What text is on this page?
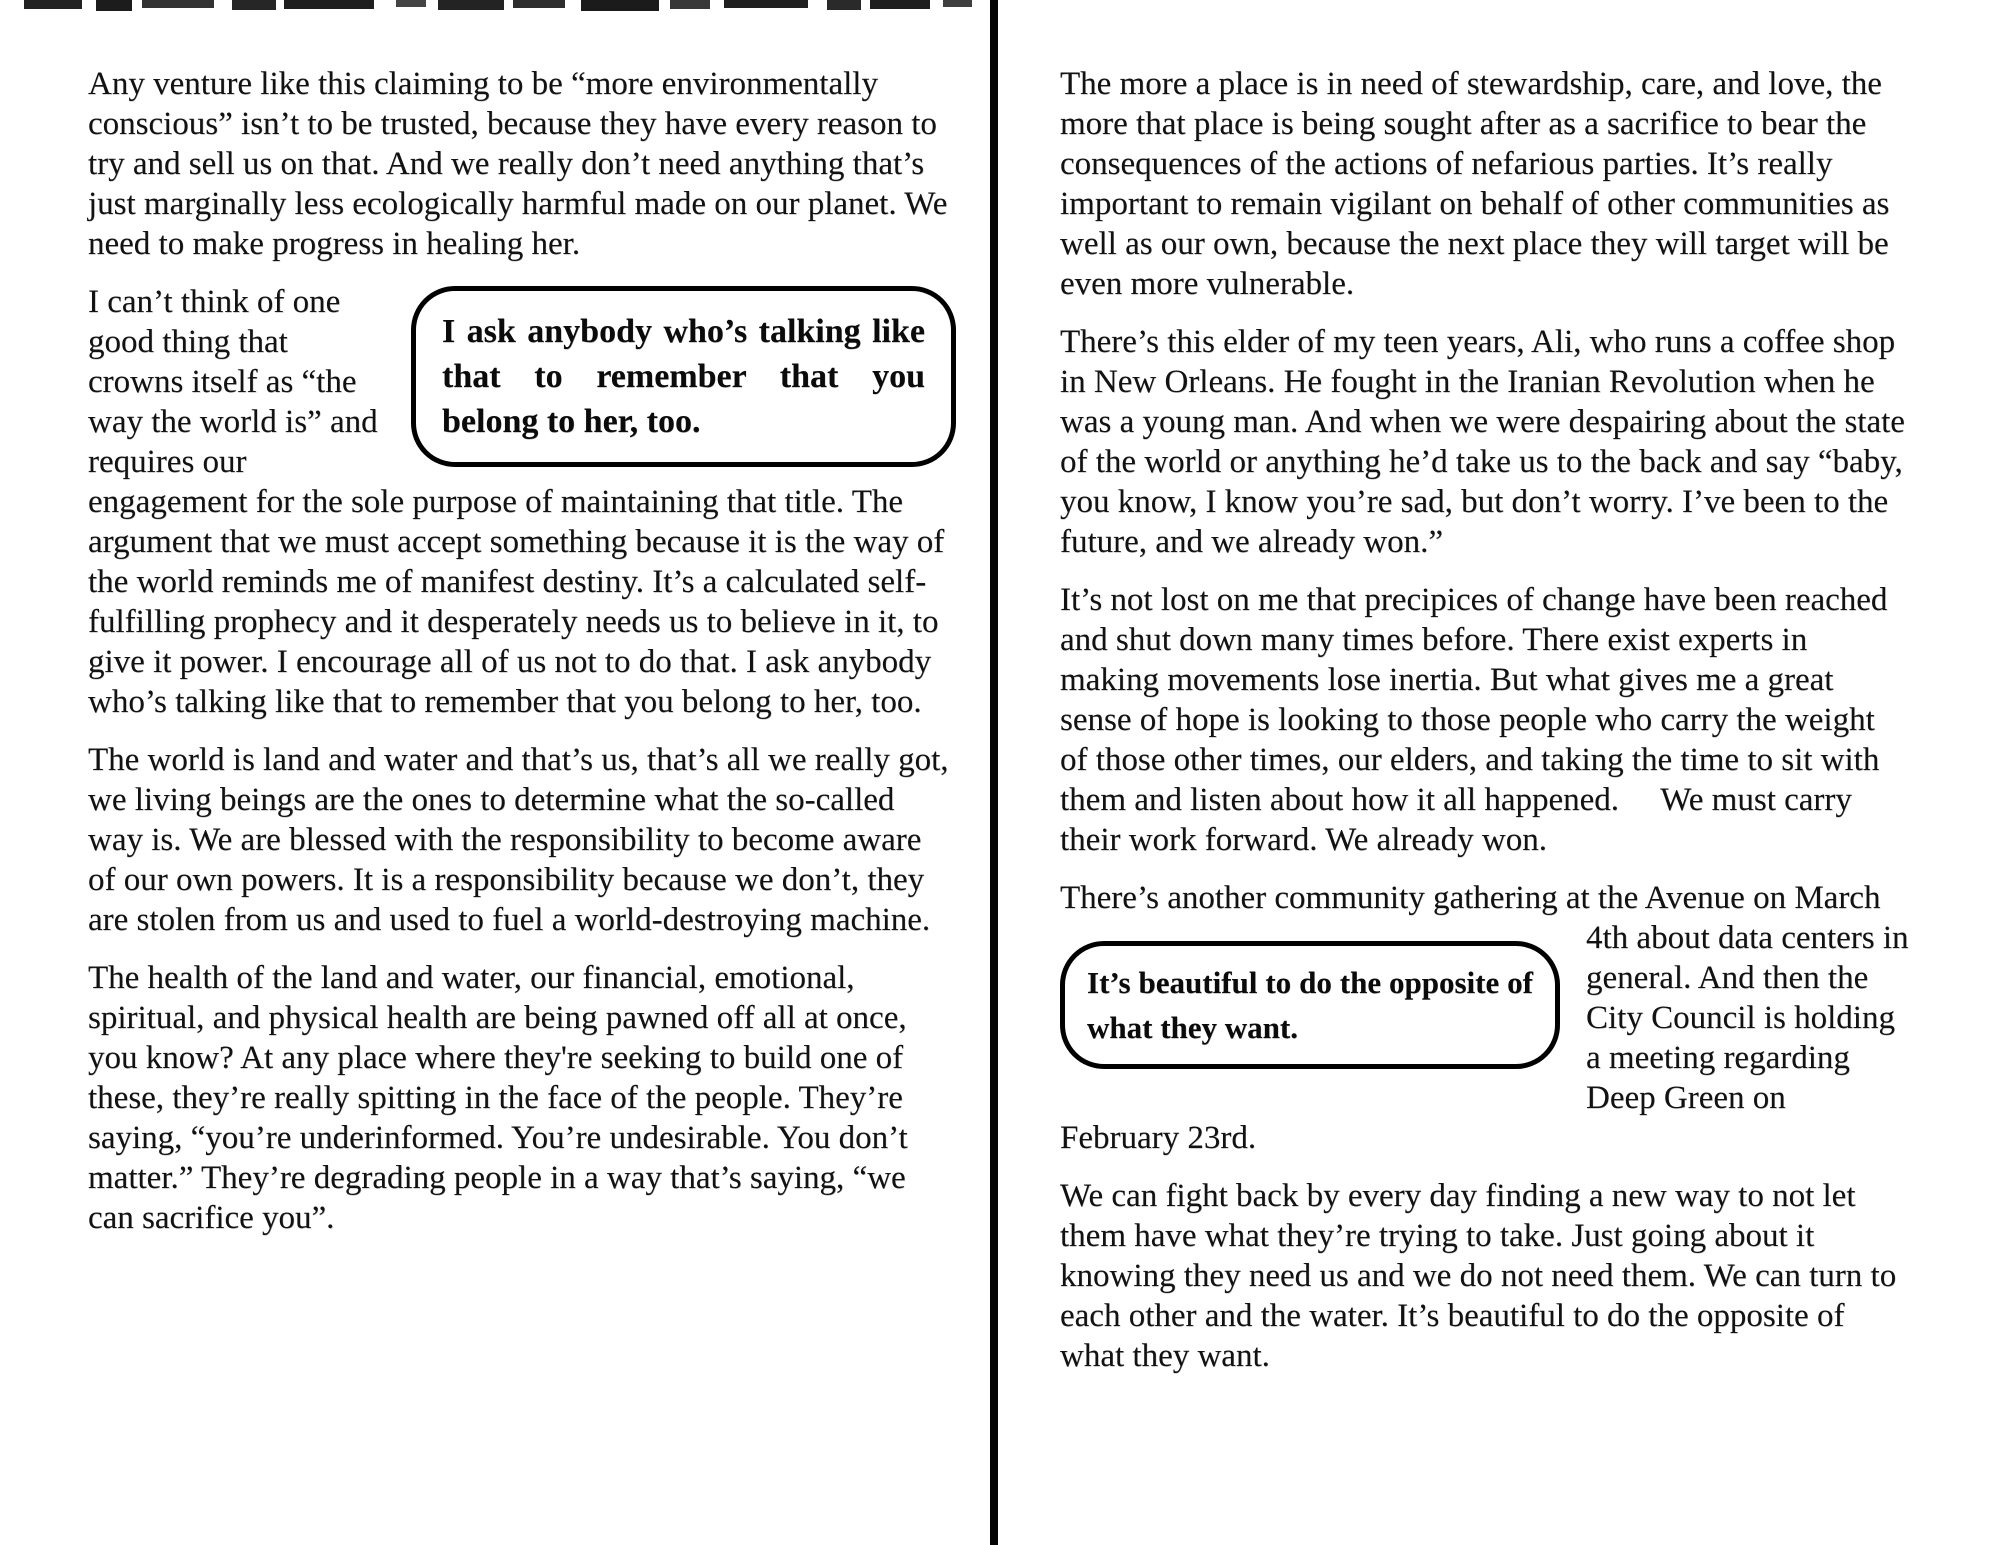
I ask anybody who’s talking like that to remember that you belong to her, too.

Any venture like this claiming to be “more environmentally conscious” isn’t to be trusted, because they have every reason to try and sell us on that. And we really don’t need anything that’s just marginally less ecologically harmful made on our planet. We need to make progress in healing her.

I can’t think of one good thing that crowns itself as “the way the world is” and requires our engagement for the sole purpose of maintaining that title. The argument that we must accept something because it is the way of the world reminds me of manifest destiny. It’s a calculated self-fulfilling prophecy and it desperately needs us to believe in it, to give it power. I encourage all of us not to do that. I ask anybody who’s talking like that to remember that you belong to her, too.

The world is land and water and that’s us, that’s all we really got, we living beings are the ones to determine what the so-called way is. We are blessed with the responsibility to become aware of our own powers. It is a responsibility because we don’t, they are stolen from us and used to fuel a world-destroying machine.

The health of the land and water, our financial, emotional, spiritual, and physical health are being pawned off all at once, you know? At any place where they're seeking to build one of these, they’re really spitting in the face of the people. They’re saying, “you’re underinformed. You’re undesirable. You don’t matter.” They’re degrading people in a way that’s saying, “we can sacrifice you”.

It’s beautiful to do the opposite of what they want.

The more a place is in need of stewardship, care, and love, the more that place is being sought after as a sacrifice to bear the consequences of the actions of nefarious parties. It’s really important to remain vigilant on behalf of other communities as well as our own, because the next place they will target will be even more vulnerable.

There’s this elder of my teen years, Ali, who runs a coffee shop in New Orleans. He fought in the Iranian Revolution when he was a young man. And when we were despairing about the state of the world or anything he’d take us to the back and say “baby, you know, I know you’re sad, but don’t worry. I’ve been to the future, and we already won.”

It’s not lost on me that precipices of change have been reached and shut down many times before. There exist experts in making movements lose inertia. But what gives me a great sense of hope is looking to those people who carry the weight of those other times, our elders, and taking the time to sit with them and listen about how it all happened.  We must carry their work forward. We already won.

There’s another community gathering at the Avenue on March 4th about data centers in general. And then the City Council is holding a meeting regarding Deep Green on February 23rd.

We can fight back by every day finding a new way to not let them have what they’re trying to take. Just going about it knowing they need us and we do not need them. We can turn to each other and the water. It’s beautiful to do the opposite of what they want.
